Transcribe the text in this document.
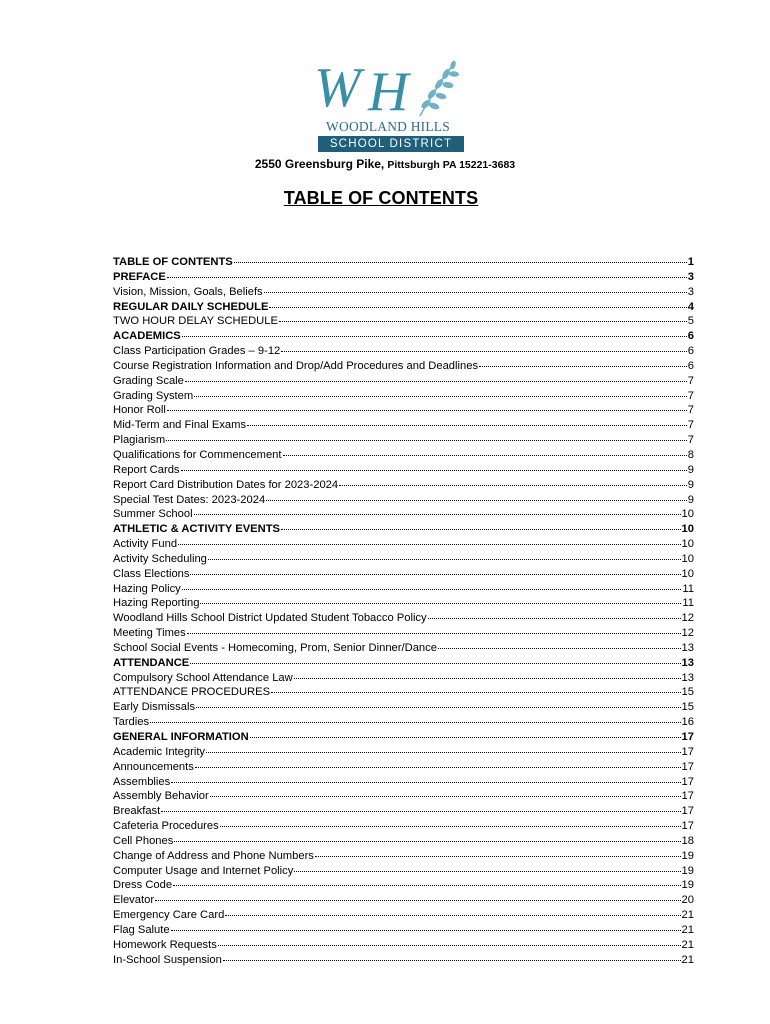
W H
WOODLAND HILLS
SCHOOL DISTRICT
2550 Greensburg Pike, Pittsburgh PA 15221-3683
TABLE OF CONTENTS
TABLE OF CONTENTS	1
PREFACE	3
Vision, Mission, Goals, Beliefs	3
REGULAR DAILY SCHEDULE	4
TWO HOUR DELAY SCHEDULE	5
ACADEMICS	6
Class Participation Grades – 9-12	6
Course Registration Information and Drop/Add Procedures and Deadlines	6
Grading Scale	7
Grading System	7
Honor Roll	7
Mid-Term and Final Exams	7
Plagiarism	7
Qualifications for Commencement	8
Report Cards	9
Report Card Distribution Dates for 2023-2024	9
Special Test Dates: 2023-2024	9
Summer School	10
ATHLETIC & ACTIVITY EVENTS	10
Activity Fund	10
Activity Scheduling	10
Class Elections	10
Hazing Policy	11
Hazing Reporting	11
Woodland Hills School District Updated Student Tobacco Policy	12
Meeting Times	12
School Social Events - Homecoming, Prom, Senior Dinner/Dance	13
ATTENDANCE	13
Compulsory School Attendance Law	13
ATTENDANCE PROCEDURES	15
Early Dismissals	15
Tardies	16
GENERAL INFORMATION	17
Academic Integrity	17
Announcements	17
Assemblies	17
Assembly Behavior	17
Breakfast	17
Cafeteria Procedures	17
Cell Phones	18
Change of Address and Phone Numbers	19
Computer Usage and Internet Policy	19
Dress Code	19
Elevator	20
Emergency Care Card	21
Flag Salute	21
Homework Requests	21
In-School Suspension	21
